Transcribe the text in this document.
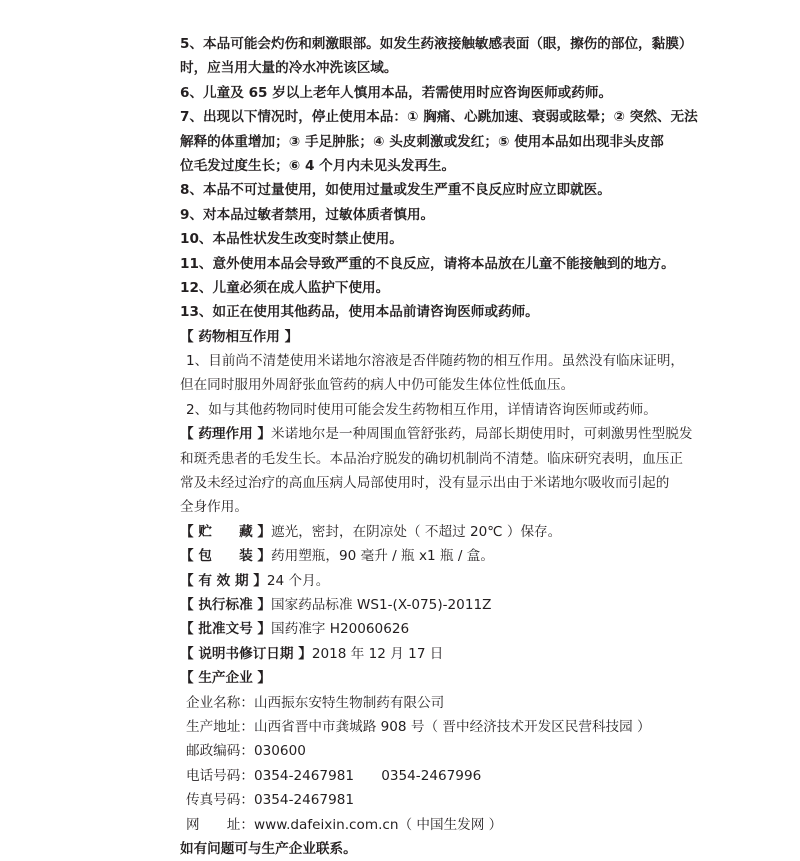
5、本品可能会灼伤和刺激眼部。如发生药液接触敏感表面（眼，擦伤的部位，黏膜）
时，应当用大量的冷水冲洗该区域。
6、儿童及 65 岁以上老年人慎用本品，若需使用时应咨询医师或药师。
7、出现以下情况时，停止使用本品：① 胸痛、心跳加速、衰弱或眩晕；② 突然、无法
解释的体重增加；③ 手足肿胀；④ 头皮刺激或发红；⑤ 使用本品如出现非头皮部
位毛发过度生长；⑥ 4 个月内未见头发再生。
8、本品不可过量使用，如使用过量或发生严重不良反应时应立即就医。
9、对本品过敏者禁用，过敏体质者慎用。
10、本品性状发生改变时禁止使用。
11、意外使用本品会导致严重的不良反应，请将本品放在儿童不能接触到的地方。
12、儿童必须在成人监护下使用。
13、如正在使用其他药品，使用本品前请咨询医师或药师。
【 药物相互作用 】
1、目前尚不清楚使用米诺地尔溶液是否伴随药物的相互作用。虽然没有临床证明，
但在同时服用外周舒张血管药的病人中仍可能发生体位性低血压。
2、如与其他药物同时使用可能会发生药物相互作用，详情请咨询医师或药师。
【 药理作用 】米诺地尔是一种周围血管舒张药，局部长期使用时，可刺激男性型脱发
和斑秃患者的毛发生长。本品治疗脱发的确切机制尚不清楚。临床研究表明，血压正
常及未经过治疗的高血压病人局部使用时，没有显示出由于米诺地尔吸收而引起的
全身作用。
【 贮　　藏 】遮光，密封，在阴凉处（ 不超过 20℃ ）保存。
【 包　　装 】药用塑瓶，90 毫升 / 瓶 x1 瓶 / 盒。
【 有 效 期 】24 个月。
【 执行标准 】国家药品标准 WS1-(X-075)-2011Z
【 批准文号 】国药准字 H20060626
【 说明书修订日期 】2018 年 12 月 17 日
【 生产企业 】
企业名称：山西振东安特生物制药有限公司
生产地址：山西省晋中市龚城路 908 号（ 晋中经济技术开发区民营科技园 ）
邮政编码：030600
电话号码：0354-2467981　　0354-2467996
传真号码：0354-2467981
网　　址：www.dafeixin.com.cn（ 中国生发网 ）
如有问题可与生产企业联系。
